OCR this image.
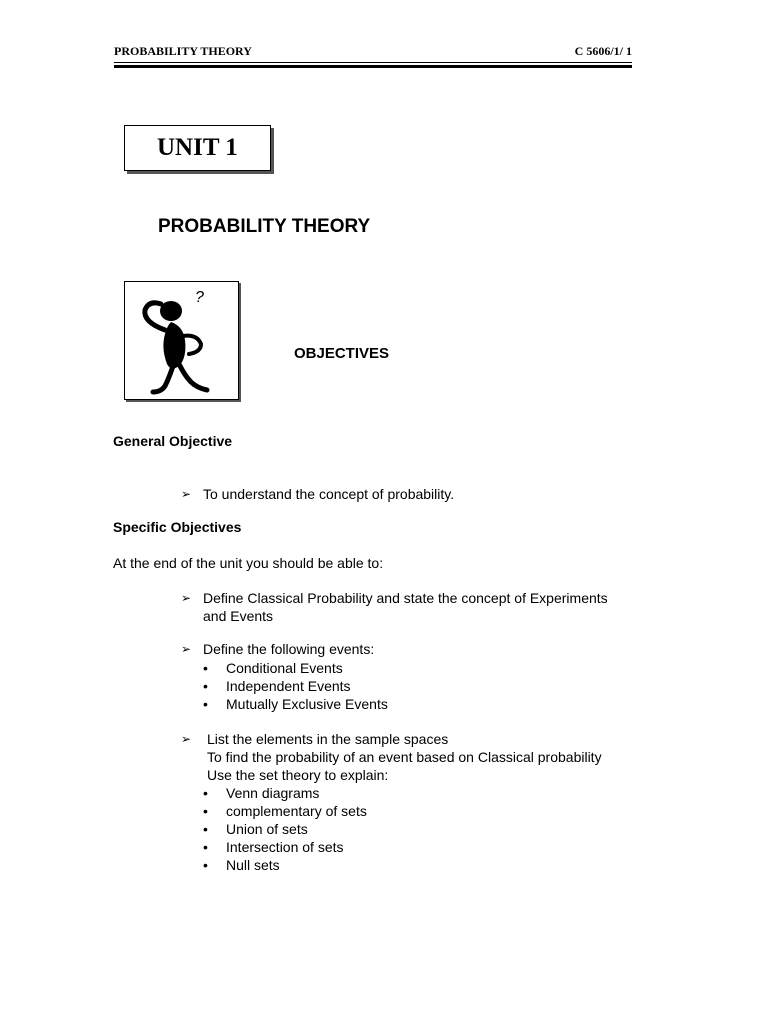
PROBABILITY THEORY	C 5606/1/ 1
UNIT 1
PROBABILITY THEORY
?
OBJECTIVES
General Objective
➢ To understand the concept of probability.
Specific Objectives
At the end of the unit you should be able to:
➢ Define Classical Probability and state the concept of Experiments
and Events
➢ Define the following events:
• Conditional Events
• Independent Events
• Mutually Exclusive Events
➢ List the elements in the sample spaces
To find the probability of an event based on Classical probability
Use the set theory to explain:
• Venn diagrams
• complementary of sets
• Union of sets
• Intersection of sets
• Null sets
